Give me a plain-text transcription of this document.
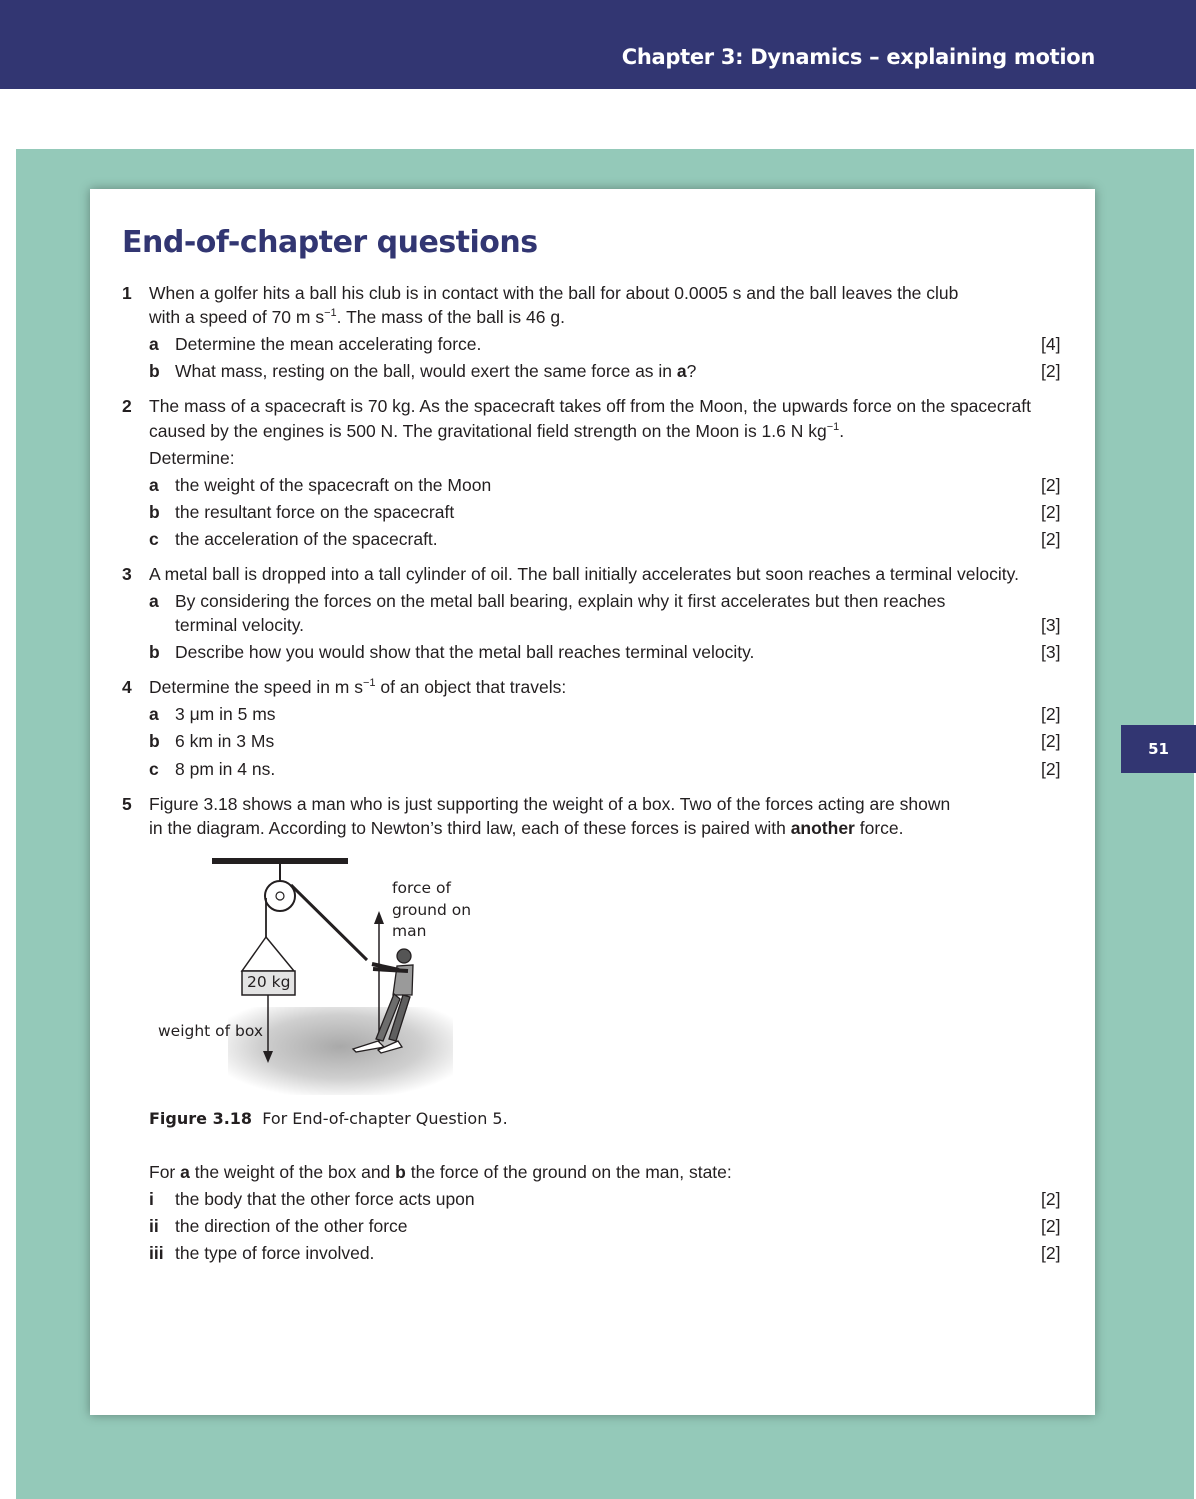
Chapter 3: Dynamics – explaining motion
51
End-of-chapter questions
1 When a golfer hits a ball his club is in contact with the ball for about 0.0005 s and the ball leaves the club
with a speed of 70 m $s^{-1}$. The mass of the ball is 46 g.
a Determine the mean accelerating force.	[4]
b What mass, resting on the ball, would exert the same force as in a?	[2]
2 The mass of a spacecraft is 70 kg. As the spacecraft takes off from the Moon, the upwards force on the spacecraft
caused by the engines is 500 N. The gravitational field strength on the Moon is 1.6 N $kg^{-1}$.
Determine:
a the weight of the spacecraft on the Moon	[2]
b the resultant force on the spacecraft	[2]
c the acceleration of the spacecraft.	[2]
3 A metal ball is dropped into a tall cylinder of oil. The ball initially accelerates but soon reaches a terminal velocity.
a By considering the forces on the metal ball bearing, explain why it first accelerates but then reaches
terminal velocity.	[3]
b Describe how you would show that the metal ball reaches terminal velocity.	[3]
4 Determine the speed in m $s^{-1}$ of an object that travels:
a 3 μm in 5 ms	[2]
b 6 km in 3 Ms	[2]
c 8 pm in 4 ns.	[2]
5 Figure 3.18 shows a man who is just supporting the weight of a box. Two of the forces acting are shown
in the diagram. According to Newton’s third law, each of these forces is paired with another force.
force of
ground on
man
20 kg
weight of box
Figure 3.18 For End-of-chapter Question 5.
For a the weight of the box and b the force of the ground on the man, state:
i the body that the other force acts upon	[2]
ii the direction of the other force	[2]
iii the type of force involved.	[2]
